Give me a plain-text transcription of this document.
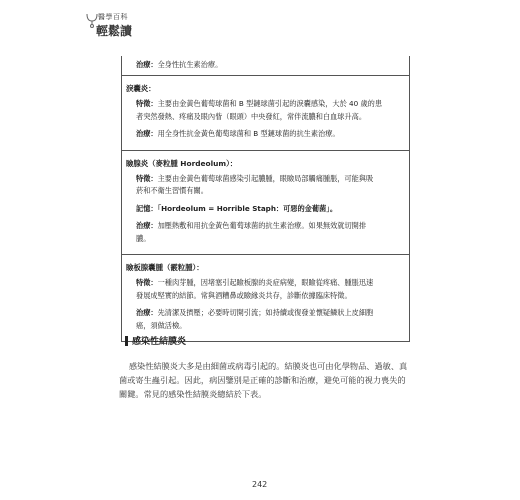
醫學百科
輕鬆讀

治療：全身性抗生素治療。

淚囊炎：

特徵：主要由金黃色葡萄球菌和 B 型鏈球菌引起的淚囊感染，大於 40 歲的患
者突然發熱、疼痛及眼內眥（眼頭）中央發紅，常伴流膿和白血球升高。

治療：用全身性抗金黃色葡萄球菌和 B 型鏈球菌的抗生素治療。

瞼腺炎（麥粒腫 Hordeolum）：

特徵：主要由金黃色葡萄球菌感染引起膿腫，眼瞼局部觸痛腫脹，可能與吸
菸和不衛生習慣有關。

記憶：「Hordeolum = Horrible Staph：可惡的金葡菌」。

治療：加壓熱敷和用抗金黃色葡萄球菌的抗生素治療。如果無效就切開排
膿。

瞼板腺囊腫（霰粒腫）：

特徵：一種肉芽腫，因堵塞引起瞼板腺的炎症病變，眼瞼從疼痛、腫脹迅速
發展成堅實的結節。常與酒糟鼻或瞼緣炎共存，診斷依據臨床特徵。

治療：先清潔及擠壓；必要時切開引流；如持續或復發並懷疑鱗狀上皮細胞
癌，須做活檢。

感染性結膜炎

感染性結膜炎大多是由細菌或病毒引起的。結膜炎也可由化學物品、過敏、真菌或寄生蟲引起。因此，病因鑒別是正確的診斷和治療，避免可能的視力喪失的關鍵。常見的感染性結膜炎總結於下表。

242
